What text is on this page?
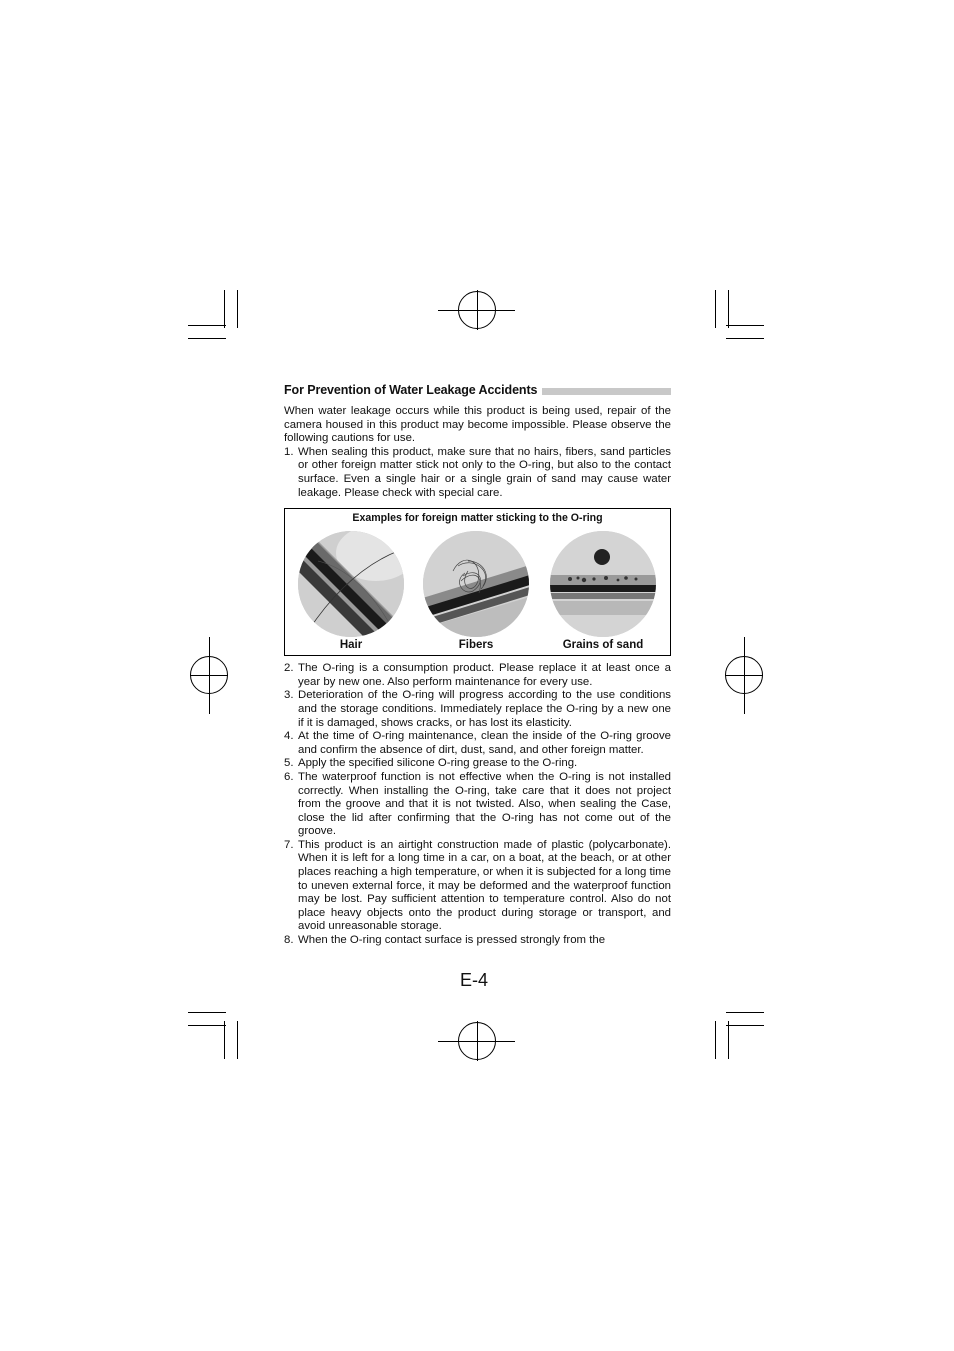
For Prevention of Water Leakage Accidents

When water leakage occurs while this product is being used, repair of the camera housed in this product may become impossible. Please observe the following cautions for use.

1. When sealing this product, make sure that no hairs, fibers, sand particles or other foreign matter stick not only to the O-ring, but also to the contact surface. Even a single hair or a single grain of sand may cause water leakage. Please check with special care.
Examples for foreign matter sticking to the O-ring
Hair	Fibers	Grains of sand
2. The O-ring is a consumption product. Please replace it at least once a year by new one. Also perform maintenance for every use.
3. Deterioration of the O-ring will progress according to the use conditions and the storage conditions. Immediately replace the O-ring by a new one if it is damaged, shows cracks, or has lost its elasticity.
4. At the time of O-ring maintenance, clean the inside of the O-ring groove and confirm the absence of dirt, dust, sand, and other foreign matter.
5. Apply the specified silicone O-ring grease to the O-ring.
6. The waterproof function is not effective when the O-ring is not installed correctly. When installing the O-ring, take care that it does not project from the groove and that it is not twisted. Also, when sealing the Case, close the lid after confirming that the O-ring has not come out of the groove.
7. This product is an airtight construction made of plastic (polycarbonate). When it is left for a long time in a car, on a boat, at the beach, or at other places reaching a high temperature, or when it is subjected for a long time to uneven external force, it may be deformed and the waterproof function may be lost. Pay sufficient attention to temperature control. Also do not place heavy objects onto the product during storage or transport, and avoid unreasonable storage.
8. When the O-ring contact surface is pressed strongly from the
E-4
